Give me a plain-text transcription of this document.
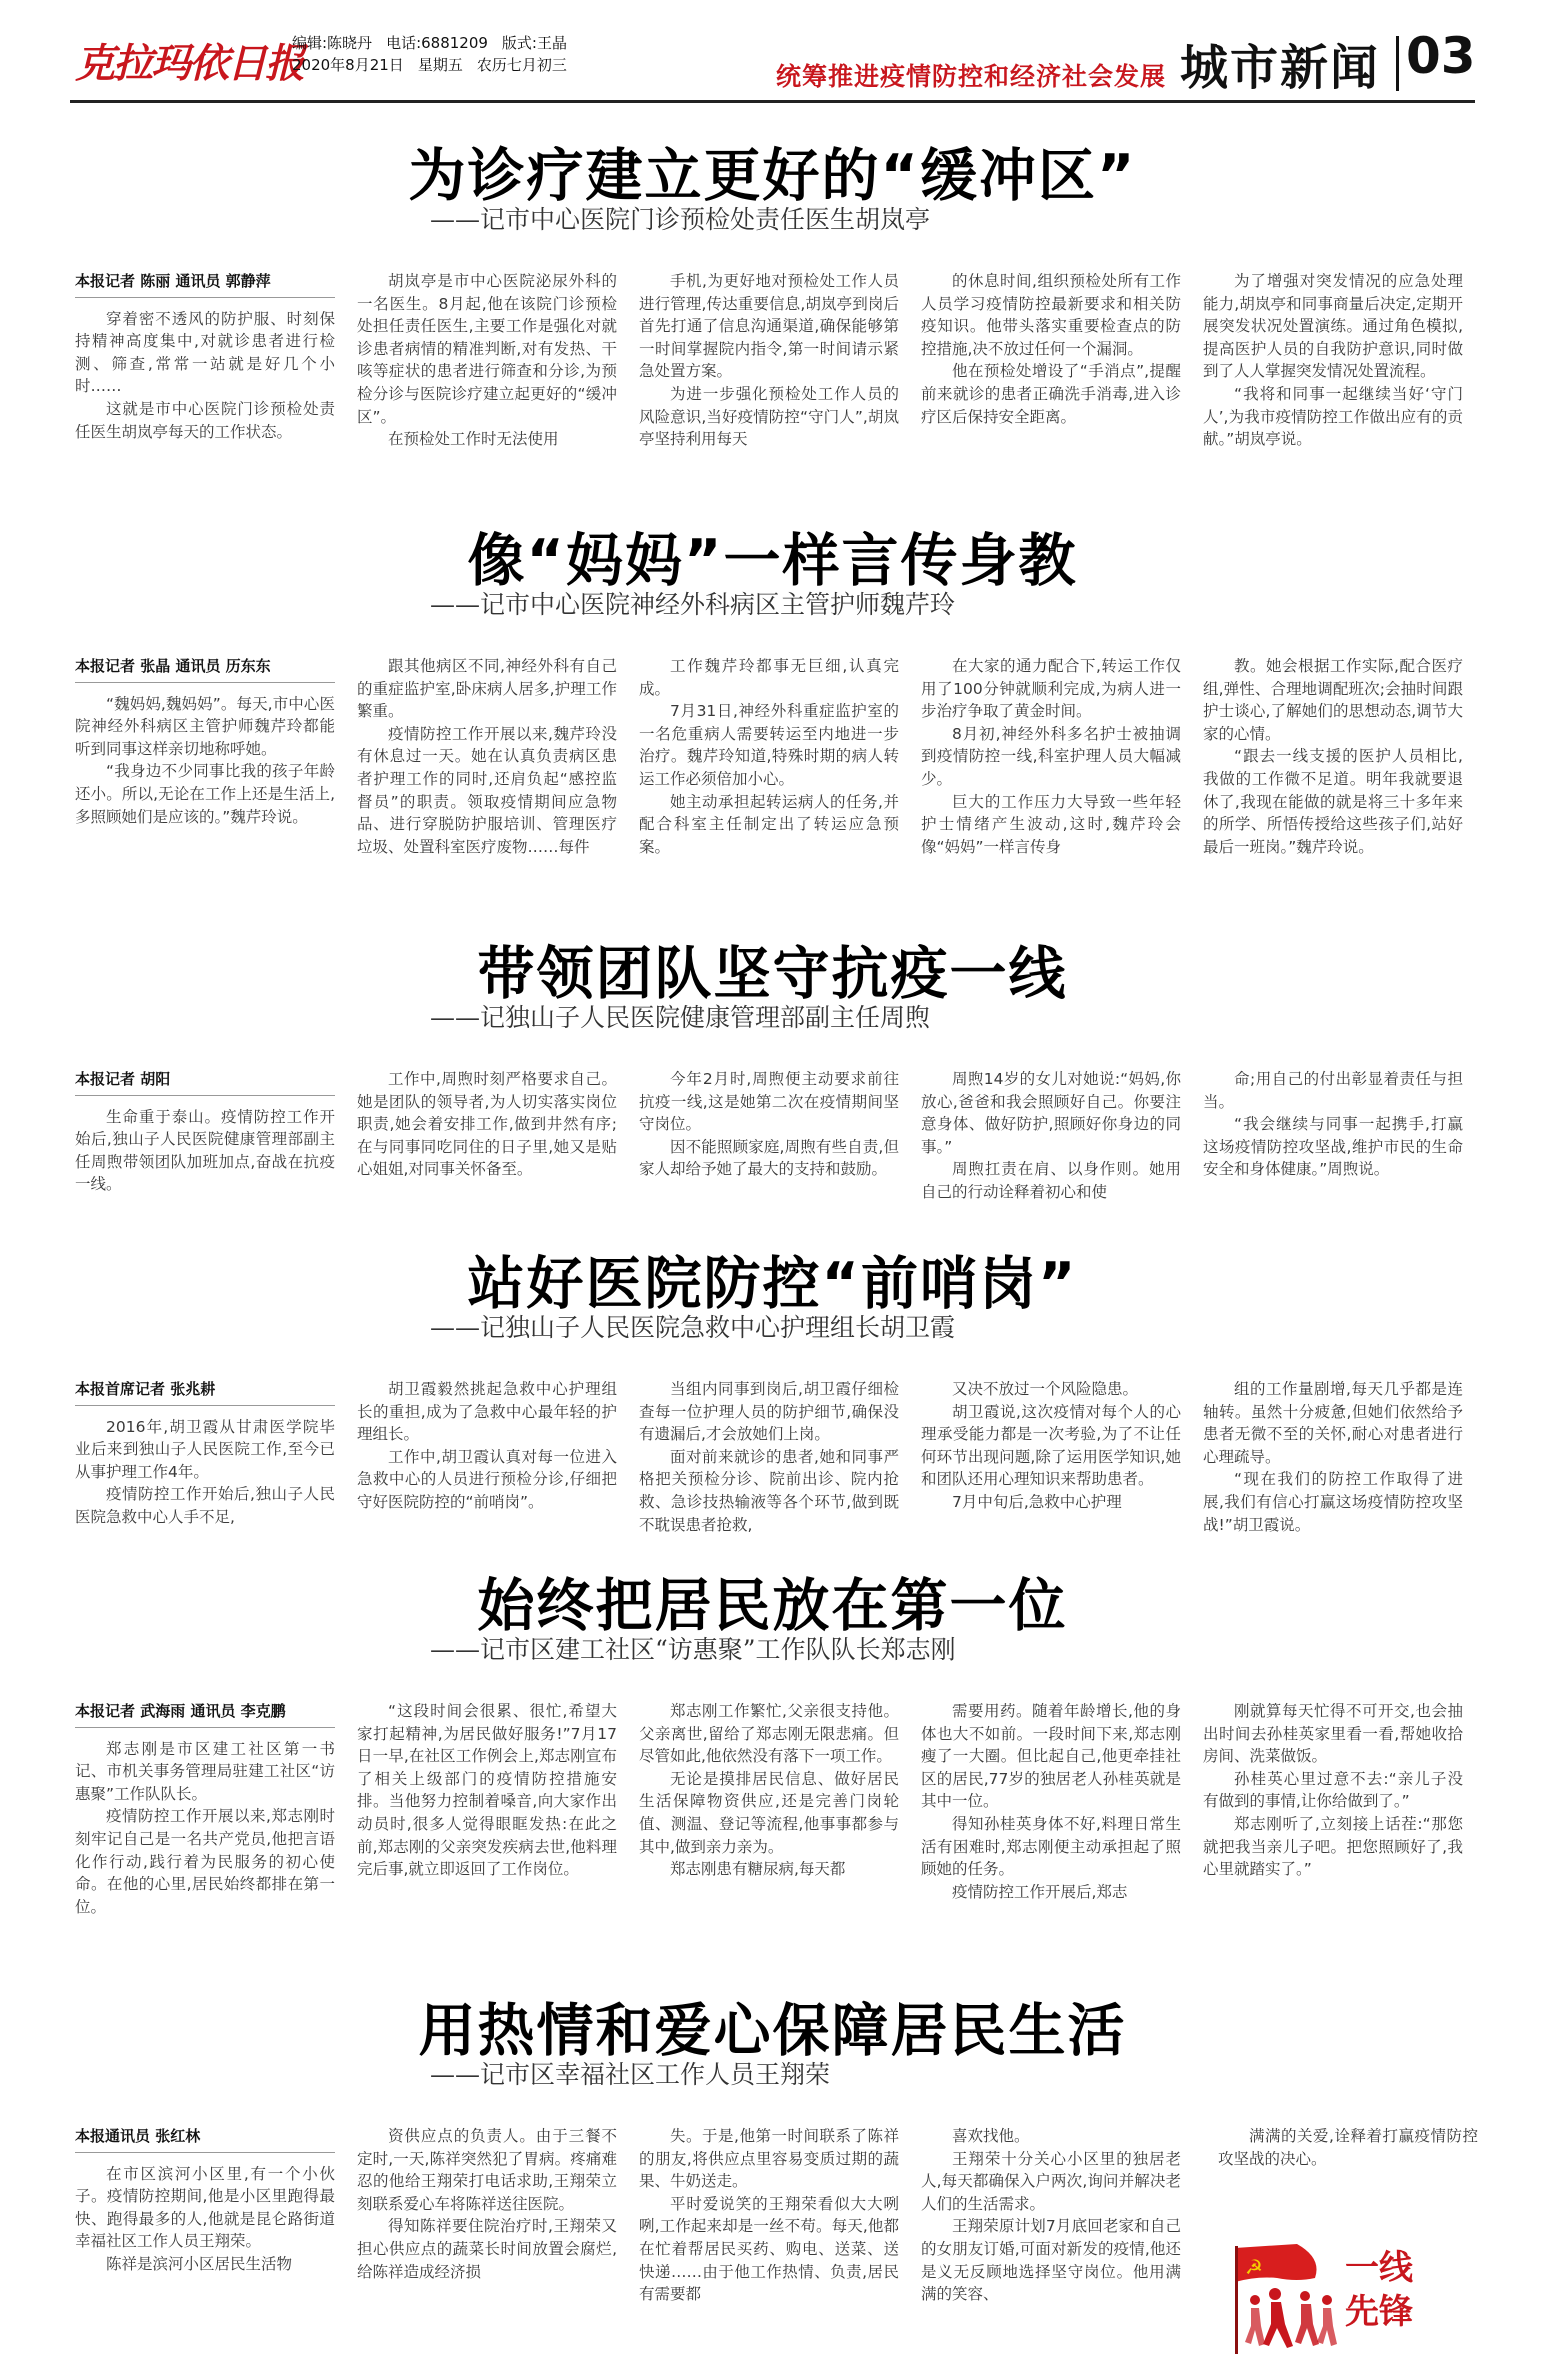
克拉玛依日报
编辑:陈晓丹 电话:6881209 版式:王晶
2020年8月21日 星期五 农历七月初三	统筹推进疫情防控和经济社会发展 城市新闻 03
为诊疗建立更好的“缓冲区”
——记市中心医院门诊预检处责任医生胡岚亭
本报记者 陈丽 通讯员 郭静萍

穿着密不透风的防护服、时刻保持精神高度集中,对就诊患者进行检测、筛查,常常一站就是好几个小时……

这就是市中心医院门诊预检处责任医生胡岚亭每天的工作状态。

胡岚亭是市中心医院泌尿外科的一名医生。8月起,他在该院门诊预检处担任责任医生,主要工作是强化对就诊患者病情的精准判断,对有发热、干咳等症状的患者进行筛查和分诊,为预检分诊与医院诊疗建立起更好的“缓冲区”。

在预检处工作时无法使用

手机,为更好地对预检处工作人员进行管理,传达重要信息,胡岚亭到岗后首先打通了信息沟通渠道,确保能够第一时间掌握院内指令,第一时间请示紧急处置方案。

为进一步强化预检处工作人员的风险意识,当好疫情防控“守门人”,胡岚亭坚持利用每天

的休息时间,组织预检处所有工作人员学习疫情防控最新要求和相关防疫知识。他带头落实重要检查点的防控措施,决不放过任何一个漏洞。

他在预检处增设了“手消点”,提醒前来就诊的患者正确洗手消毒,进入诊疗区后保持安全距离。

为了增强对突发情况的应急处理能力,胡岚亭和同事商量后决定,定期开展突发状况处置演练。通过角色模拟,提高医护人员的自我防护意识,同时做到了人人掌握突发情况处置流程。

“我将和同事一起继续当好‘守门人’,为我市疫情防控工作做出应有的贡献。”胡岚亭说。

像“妈妈”一样言传身教
——记市中心医院神经外科病区主管护师魏芹玲
本报记者 张晶 通讯员 历东东

“魏妈妈,魏妈妈”。每天,市中心医院神经外科病区主管护师魏芹玲都能听到同事这样亲切地称呼她。

“我身边不少同事比我的孩子年龄还小。所以,无论在工作上还是生活上,多照顾她们是应该的。”魏芹玲说。

跟其他病区不同,神经外科有自己的重症监护室,卧床病人居多,护理工作繁重。

疫情防控工作开展以来,魏芹玲没有休息过一天。她在认真负责病区患者护理工作的同时,还肩负起“感控监督员”的职责。领取疫情期间应急物品、进行穿脱防护服培训、管理医疗垃圾、处置科室医疗废物……每件

工作魏芹玲都事无巨细,认真完成。

7月31日,神经外科重症监护室的一名危重病人需要转运至内地进一步治疗。魏芹玲知道,特殊时期的病人转运工作必须倍加小心。

她主动承担起转运病人的任务,并配合科室主任制定出了转运应急预案。

在大家的通力配合下,转运工作仅用了100分钟就顺利完成,为病人进一步治疗争取了黄金时间。

8月初,神经外科多名护士被抽调到疫情防控一线,科室护理人员大幅减少。

巨大的工作压力大导致一些年轻护士情绪产生波动,这时,魏芹玲会像“妈妈”一样言传身

教。她会根据工作实际,配合医疗组,弹性、合理地调配班次;会抽时间跟护士谈心,了解她们的思想动态,调节大家的心情。

“跟去一线支援的医护人员相比,我做的工作微不足道。明年我就要退休了,我现在能做的就是将三十多年来的所学、所悟传授给这些孩子们,站好最后一班岗。”魏芹玲说。

带领团队坚守抗疫一线
——记独山子人民医院健康管理部副主任周煦
本报记者 胡阳

生命重于泰山。疫情防控工作开始后,独山子人民医院健康管理部副主任周煦带领团队加班加点,奋战在抗疫一线。

工作中,周煦时刻严格要求自己。她是团队的领导者,为人切实落实岗位职责,她会着安排工作,做到井然有序;在与同事同吃同住的日子里,她又是贴心姐姐,对同事关怀备至。

今年2月时,周煦便主动要求前往抗疫一线,这是她第二次在疫情期间坚守岗位。

因不能照顾家庭,周煦有些自责,但家人却给予她了最大的支持和鼓励。

周煦14岁的女儿对她说:“妈妈,你放心,爸爸和我会照顾好自己。你要注意身体、做好防护,照顾好你身边的同事。”

周煦扛责在肩、以身作则。她用自己的行动诠释着初心和使

命;用自己的付出彰显着责任与担当。

“我会继续与同事一起携手,打赢这场疫情防控攻坚战,维护市民的生命安全和身体健康。”周煦说。

站好医院防控“前哨岗”
——记独山子人民医院急救中心护理组长胡卫霞
本报首席记者 张兆耕

2016年,胡卫霞从甘肃医学院毕业后来到独山子人民医院工作,至今已从事护理工作4年。

疫情防控工作开始后,独山子人民医院急救中心人手不足,

胡卫霞毅然挑起急救中心护理组长的重担,成为了急救中心最年轻的护理组长。

工作中,胡卫霞认真对每一位进入急救中心的人员进行预检分诊,仔细把守好医院防控的“前哨岗”。

当组内同事到岗后,胡卫霞仔细检查每一位护理人员的防护细节,确保没有遗漏后,才会放她们上岗。

面对前来就诊的患者,她和同事严格把关预检分诊、院前出诊、院内抢救、急诊技热输液等各个环节,做到既不耽误患者抢救,

又决不放过一个风险隐患。

胡卫霞说,这次疫情对每个人的心理承受能力都是一次考验,为了不让任何环节出现问题,除了运用医学知识,她和团队还用心理知识来帮助患者。

7月中旬后,急救中心护理

组的工作量剧增,每天几乎都是连轴转。虽然十分疲惫,但她们依然给予患者无微不至的关怀,耐心对患者进行心理疏导。

“现在我们的防控工作取得了进展,我们有信心打赢这场疫情防控攻坚战!”胡卫霞说。

始终把居民放在第一位
——记市区建工社区“访惠聚”工作队队长郑志刚
本报记者 武海雨 通讯员 李克鹏

郑志刚是市区建工社区第一书记、市机关事务管理局驻建工社区“访惠聚”工作队队长。

疫情防控工作开展以来,郑志刚时刻牢记自己是一名共产党员,他把言语化作行动,践行着为民服务的初心使命。在他的心里,居民始终都排在第一位。

“这段时间会很累、很忙,希望大家打起精神,为居民做好服务!”7月17日一早,在社区工作例会上,郑志刚宣布了相关上级部门的疫情防控措施安排。当他努力控制着嗓音,向大家作出动员时,很多人觉得眼眶发热:在此之前,郑志刚的父亲突发疾病去世,他料理完后事,就立即返回了工作岗位。

郑志刚工作繁忙,父亲很支持他。父亲离世,留给了郑志刚无限悲痛。但尽管如此,他依然没有落下一项工作。

无论是摸排居民信息、做好居民生活保障物资供应,还是完善门岗轮值、测温、登记等流程,他事事都参与其中,做到亲力亲为。

郑志刚患有糖尿病,每天都

需要用药。随着年龄增长,他的身体也大不如前。一段时间下来,郑志刚瘦了一大圈。但比起自己,他更牵挂社区的居民,77岁的独居老人孙桂英就是其中一位。

得知孙桂英身体不好,料理日常生活有困难时,郑志刚便主动承担起了照顾她的任务。

疫情防控工作开展后,郑志

刚就算每天忙得不可开交,也会抽出时间去孙桂英家里看一看,帮她收拾房间、洗菜做饭。

孙桂英心里过意不去:“亲儿子没有做到的事情,让你给做到了。”

郑志刚听了,立刻接上话茬:“那您就把我当亲儿子吧。把您照顾好了,我心里就踏实了。”

用热情和爱心保障居民生活
——记市区幸福社区工作人员王翔荣
本报通讯员 张红林

在市区滨河小区里,有一个小伙子。疫情防控期间,他是小区里跑得最快、跑得最多的人,他就是昆仑路街道幸福社区工作人员王翔荣。

陈祥是滨河小区居民生活物

资供应点的负责人。由于三餐不定时,一天,陈祥突然犯了胃病。疼痛难忍的他给王翔荣打电话求助,王翔荣立刻联系爱心车将陈祥送往医院。

得知陈祥要住院治疗时,王翔荣又担心供应点的蔬菜长时间放置会腐烂,给陈祥造成经济损

失。于是,他第一时间联系了陈祥的朋友,将供应点里容易变质过期的蔬果、牛奶送走。

平时爱说笑的王翔荣看似大大咧咧,工作起来却是一丝不苟。每天,他都在忙着帮居民买药、购电、送菜、送快递……由于他工作热情、负责,居民有需要都

喜欢找他。

王翔荣十分关心小区里的独居老人,每天都确保入户两次,询问并解决老人们的生活需求。

王翔荣原计划7月底回老家和自己的女朋友订婚,可面对新发的疫情,他还是义无反顾地选择坚守岗位。他用满满的笑容、

满满的关爱,诠释着打赢疫情防控攻坚战的决心。

☭ 一线
先锋
